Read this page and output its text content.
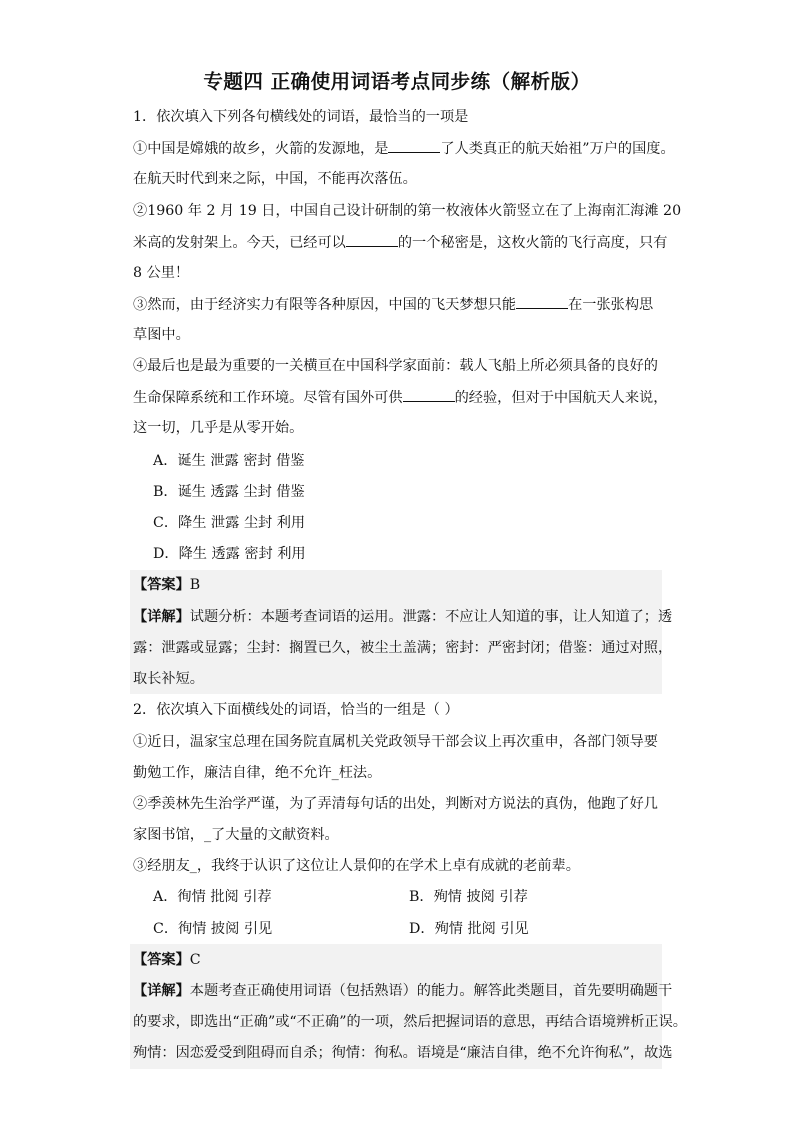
专题四 正确使用词语考点同步练（解析版）
1．依次填入下列各句横线处的词语，最恰当的一项是
①中国是嫦娥的故乡，火箭的发源地，是	了人类真正的航天始祖”万户的国度。
在航天时代到来之际，中国，不能再次落伍。
②1960 年 2 月 19 日，中国自己设计研制的第一枚液体火箭竖立在了上海南汇海滩 20
米高的发射架上。今天，已经可以	的一个秘密是，这枚火箭的飞行高度，只有
8 公里！
③然而，由于经济实力有限等各种原因，中国的飞天梦想只能	在一张张构思
草图中。
④最后也是最为重要的一关横亘在中国科学家面前：载人飞船上所必须具备的良好的
生命保障系统和工作环境。尽管有国外可供	的经验，但对于中国航天人来说，
这一切，几乎是从零开始。
A．诞生 泄露 密封 借鉴
B．诞生 透露 尘封 借鉴
C．降生 泄露 尘封 利用
D．降生 透露 密封 利用
【答案】B
【详解】试题分析：本题考查词语的运用。泄露：不应让人知道的事，让人知道了；透
露：泄露或显露；尘封：搁置已久，被尘土盖满；密封：严密封闭；借鉴：通过对照，
取长补短。
2．依次填入下面横线处的词语，恰当的一组是（ ）
①近日，温家宝总理在国务院直属机关党政领导干部会议上再次重申，各部门领导要
勤勉工作，廉洁自律，绝不允许_枉法。
②季羡林先生治学严谨，为了弄清每句话的出处，判断对方说法的真伪，他跑了好几
家图书馆，_了大量的文献资料。
③经朋友_，我终于认识了这位让人景仰的在学术上卓有成就的老前辈。
A．徇情 批阅 引荐	B．殉情 披阅 引荐
C．徇情 披阅 引见	D．殉情 批阅 引见
【答案】C
【详解】本题考查正确使用词语（包括熟语）的能力。解答此类题目，首先要明确题干
的要求，即选出“正确”或“不正确”的一项，然后把握词语的意思，再结合语境辨析正误。
殉情：因恋爱受到阻碍而自杀；徇情：徇私。语境是“廉洁自律，绝不允许徇私”，故选
